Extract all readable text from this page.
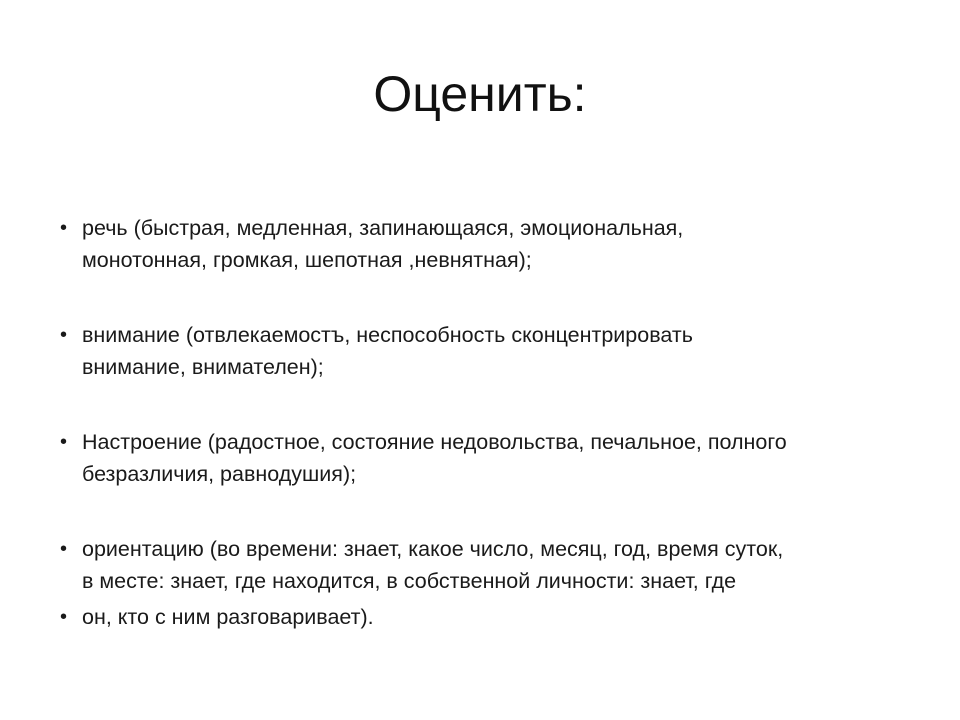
Оценить:
• речь (быстрая, медленная, запинающаяся, эмоциональная,
монотонная, громкая, шепотная ,невнятная);
• внимание (отвлекаемостъ, неспособность сконцентрировать
внимание, внимателен);
• Настроение (радостное, состояние недовольства, печальное, полного
безразличия, равнодушия);
• ориентацию (во времени: знает, какое число, месяц, год, время суток,
в месте: знает, где находится, в собственной личности: знает, где
• он, кто с ним разговаривает).
